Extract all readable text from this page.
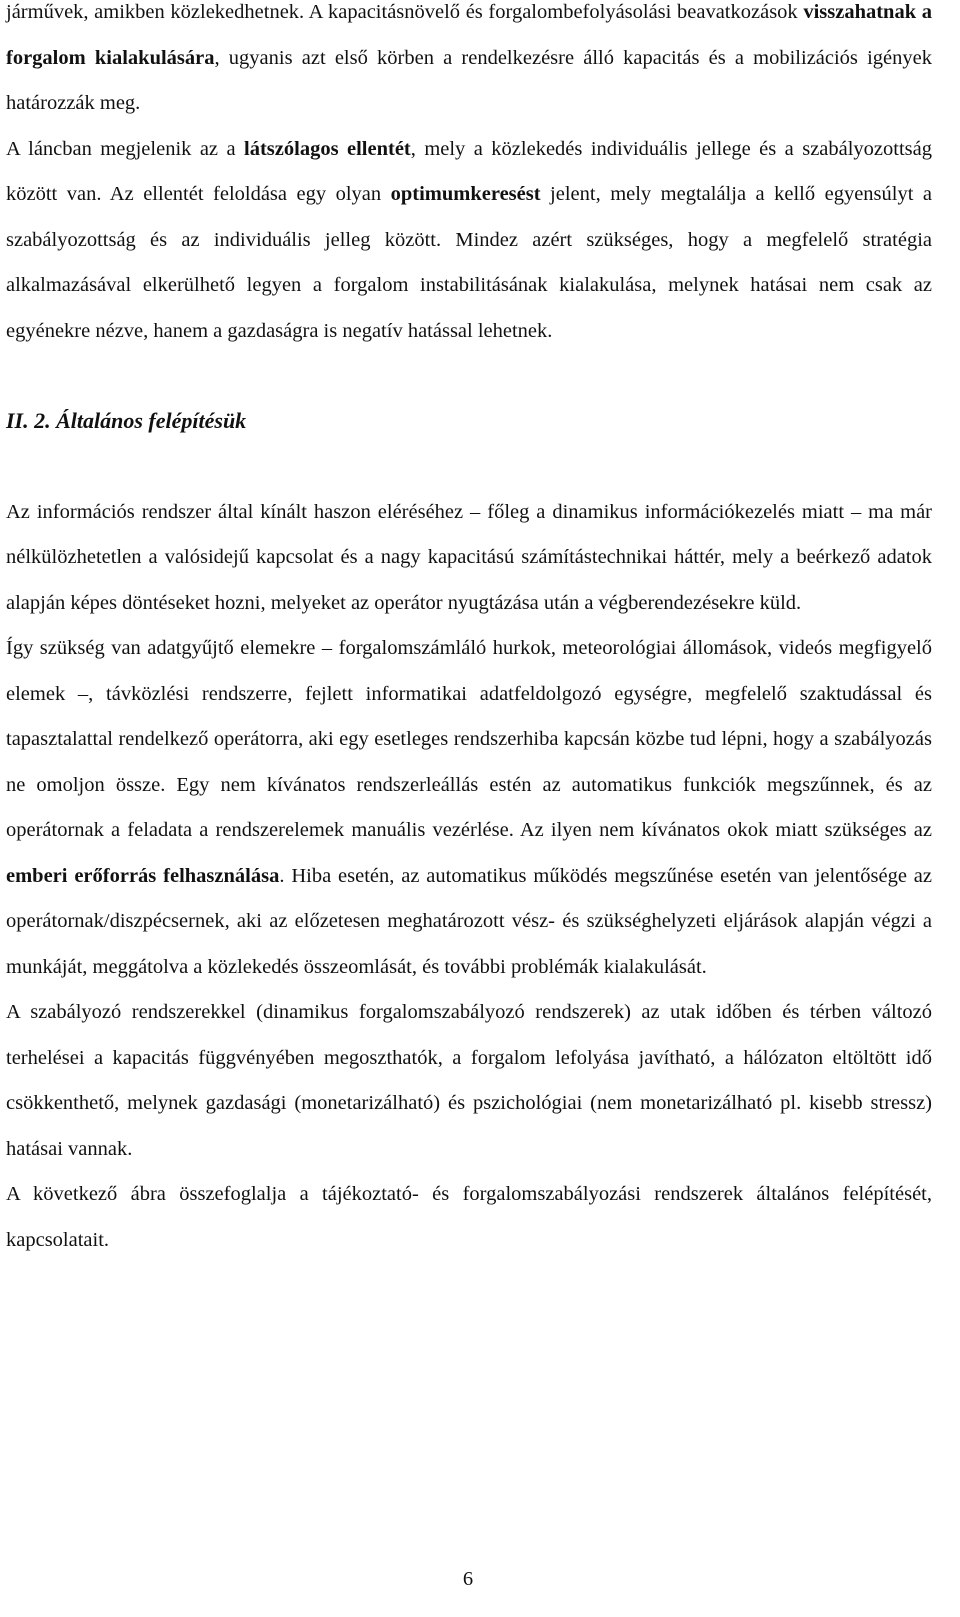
járművek, amikben közlekedhetnek. A kapacitásnövelő és forgalombefolyásolási beavatkozások visszahatnak a forgalom kialakulására, ugyanis azt első körben a rendelkezésre álló kapacitás és a mobilizációs igények határozzák meg.

A láncban megjelenik az a látszólagos ellentét, mely a közlekedés individuális jellege és a szabályozottság között van. Az ellentét feloldása egy olyan optimumkeresést jelent, mely megtalálja a kellő egyensúlyt a szabályozottság és az individuális jelleg között. Mindez azért szükséges, hogy a megfelelő stratégia alkalmazásával elkerülhető legyen a forgalom instabilitásának kialakulása, melynek hatásai nem csak az egyénekre nézve, hanem a gazdaságra is negatív hatással lehetnek.

II. 2. Általános felépítésük

Az információs rendszer által kínált haszon eléréséhez – főleg a dinamikus információkezelés miatt – ma már nélkülözhetetlen a valósidejű kapcsolat és a nagy kapacitású számítástechnikai háttér, mely a beérkező adatok alapján képes döntéseket hozni, melyeket az operátor nyugtázása után a végberendezésekre küld.

Így szükség van adatgyűjtő elemekre – forgalomszámláló hurkok, meteorológiai állomások, videós megfigyelő elemek –, távközlési rendszerre, fejlett informatikai adatfeldolgozó egységre, megfelelő szaktudással és tapasztalattal rendelkező operátorra, aki egy esetleges rendszerhiba kapcsán közbe tud lépni, hogy a szabályozás ne omoljon össze. Egy nem kívánatos rendszerleállás estén az automatikus funkciók megszűnnek, és az operátornak a feladata a rendszerelemek manuális vezérlése. Az ilyen nem kívánatos okok miatt szükséges az emberi erőforrás felhasználása. Hiba esetén, az automatikus működés megszűnése esetén van jelentősége az operátornak/diszpécsernek, aki az előzetesen meghatározott vész- és szükséghelyzeti eljárások alapján végzi a munkáját, meggátolva a közlekedés összeomlását, és további problémák kialakulását.

A szabályozó rendszerekkel (dinamikus forgalomszabályozó rendszerek) az utak időben és térben változó terhelései a kapacitás függvényében megoszthatók, a forgalom lefolyása javítható, a hálózaton eltöltött idő csökkenthető, melynek gazdasági (monetarizálható) és pszichológiai (nem monetarizálható pl. kisebb stressz) hatásai vannak.

A következő ábra összefoglalja a tájékoztató- és forgalomszabályozási rendszerek általános felépítését, kapcsolatait.

6
